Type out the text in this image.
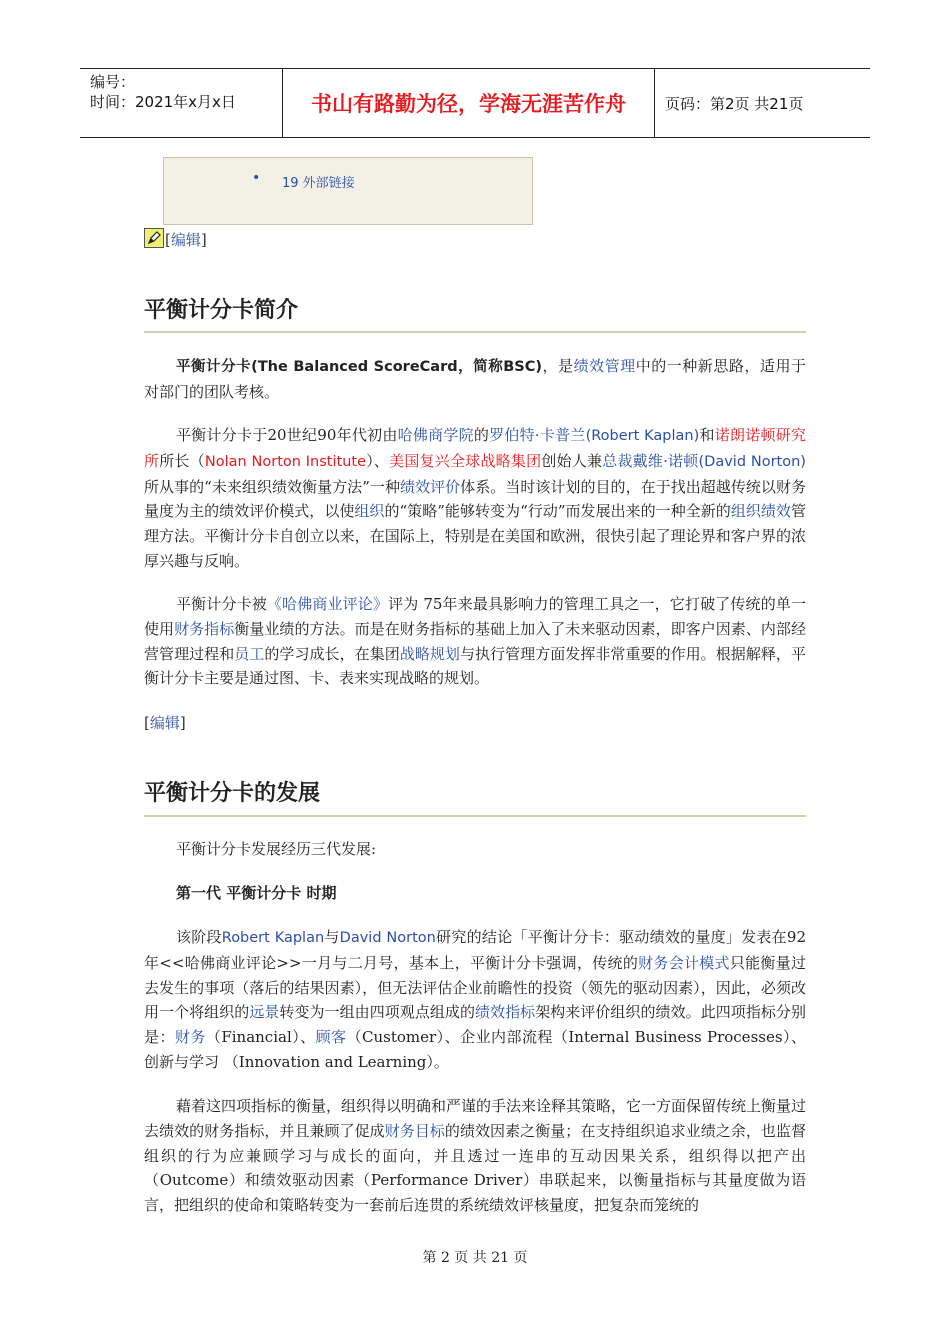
编号：
时间：2021年x月x日	书山有路勤为径，学海无涯苦作舟	页码：第2页 共21页
• 19 外部链接
[编辑]
平衡计分卡简介

平衡计分卡(The Balanced ScoreCard，简称BSC)，是绩效管理中的一种新思路，适用于对部门的团队考核。

平衡计分卡于20世纪90年代初由哈佛商学院的罗伯特·卡普兰(Robert Kaplan)和诺朗诺顿研究所所长（Nolan Norton Institute）、美国复兴全球战略集团创始人兼总裁戴维·诺顿(David Norton)所从事的“未来组织绩效衡量方法”一种绩效评价体系。当时该计划的目的，在于找出超越传统以财务量度为主的绩效评价模式，以使组织的“策略”能够转变为“行动”而发展出来的一种全新的组织绩效管理方法。平衡计分卡自创立以来，在国际上，特别是在美国和欧洲，很快引起了理论界和客户界的浓厚兴趣与反响。

平衡计分卡被《哈佛商业评论》评为 75年来最具影响力的管理工具之一，它打破了传统的单一使用财务指标衡量业绩的方法。而是在财务指标的基础上加入了未来驱动因素，即客户因素、内部经营管理过程和员工的学习成长，在集团战略规划与执行管理方面发挥非常重要的作用。根据解释，平衡计分卡主要是通过图、卡、表来实现战略的规划。

[编辑]
平衡计分卡的发展

平衡计分卡发展经历三代发展:

第一代 平衡计分卡 时期

该阶段Robert Kaplan与David Norton研究的结论「平衡计分卡：驱动绩效的量度」发表在92年<<哈佛商业评论>>一月与二月号，基本上，平衡计分卡强调，传统的财务会计模式只能衡量过去发生的事项（落后的结果因素），但无法评估企业前瞻性的投资（领先的驱动因素），因此，必须改用一个将组织的远景转变为一组由四项观点组成的绩效指标架构来评价组织的绩效。此四项指标分别是：财务（Financial）、顾客（Customer）、企业内部流程（Internal Business Processes）、创新与学习 （Innovation and Learning）。

藉着这四项指标的衡量，组织得以明确和严谨的手法来诠释其策略，它一方面保留传统上衡量过去绩效的财务指标，并且兼顾了促成财务目标的绩效因素之衡量；在支持组织追求业绩之余，也监督组织的行为应兼顾学习与成长的面向，并且透过一连串的互动因果关系，组织得以把产出（Outcome）和绩效驱动因素（Performance Driver）串联起来，以衡量指标与其量度做为语言，把组织的使命和策略转变为一套前后连贯的系统绩效评核量度，把复杂而笼统的

第 2 页 共 21 页
